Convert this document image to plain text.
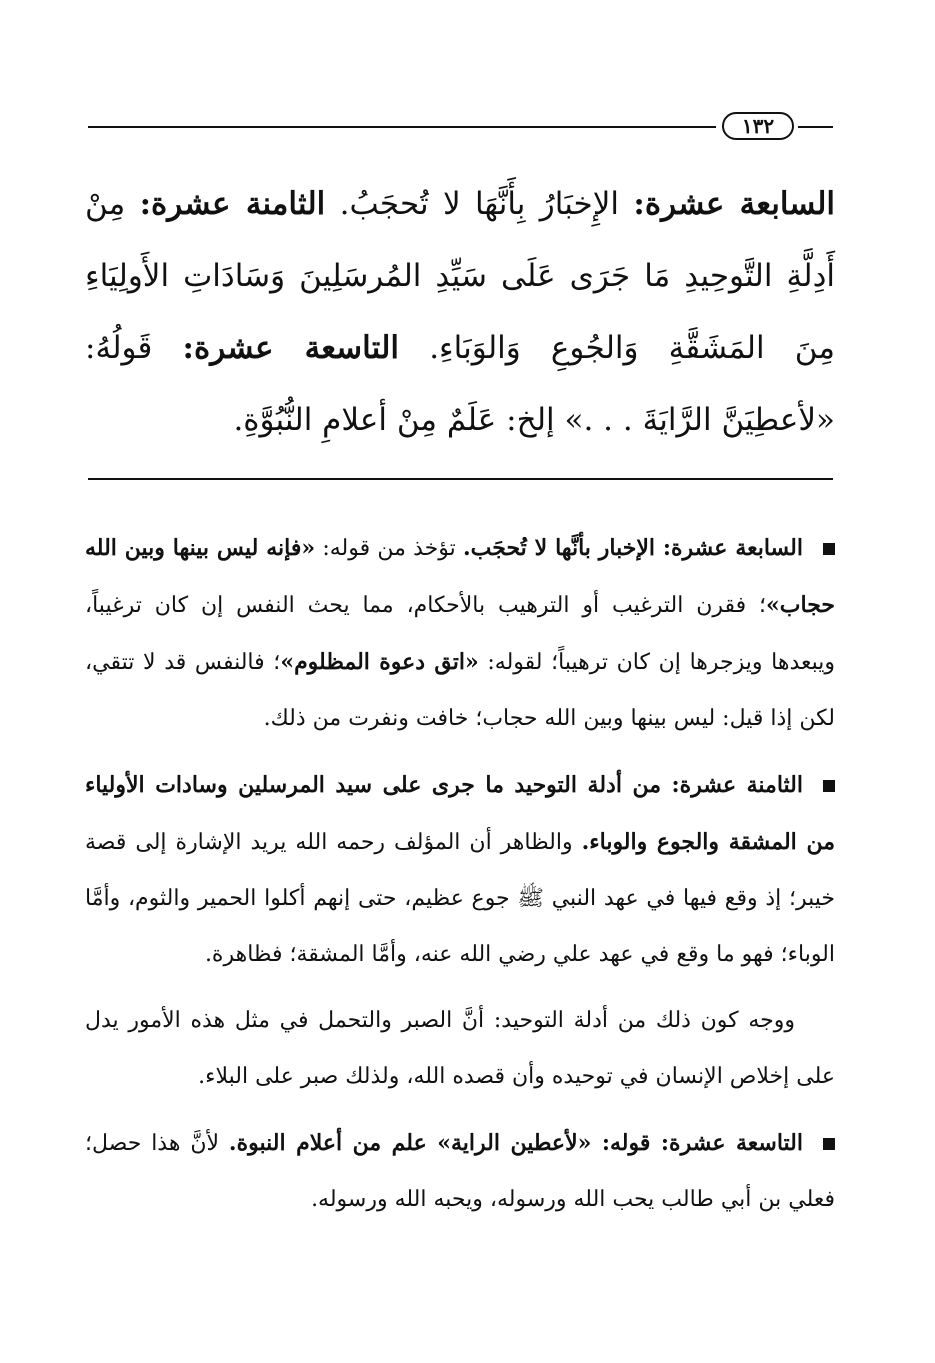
١٣٢

السابعة عشرة: الإِخبَارُ بِأَنَّهَا لا تُحجَبُ. الثامنة عشرة: مِنْ أَدِلَّةِ التَّوحِيدِ مَا جَرَى عَلَى سَيِّدِ المُرسَلِينَ وَسَادَاتِ الأَولِيَاءِ مِنَ المَشَقَّةِ وَالجُوعِ وَالوَبَاءِ. التاسعة عشرة: قَولُهُ: «لأعطِيَنَّ الرَّايَةَ . . .» إلخ: عَلَمٌ مِنْ أعلامِ النُّبُوَّةِ.

السابعة عشرة: الإخبار بأنَّها لا تُحجَب. تؤخذ من قوله: «فإنه ليس بينها وبين الله حجاب»؛ فقرن الترغيب أو الترهيب بالأحكام، مما يحث النفس إن كان ترغيباً، ويبعدها ويزجرها إن كان ترهيباً؛ لقوله: «اتق دعوة المظلوم»؛ فالنفس قد لا تتقي، لكن إذا قيل: ليس بينها وبين الله حجاب؛ خافت ونفرت من ذلك.

الثامنة عشرة: من أدلة التوحيد ما جرى على سيد المرسلين وسادات الأولياء من المشقة والجوع والوباء. والظاهر أن المؤلف رحمه الله يريد الإشارة إلى قصة خيبر؛ إذ وقع فيها في عهد النبي ﷺ جوع عظيم، حتى إنهم أكلوا الحمير والثوم، وأمَّا الوباء؛ فهو ما وقع في عهد علي رضي الله عنه، وأمَّا المشقة؛ فظاهرة.

ووجه كون ذلك من أدلة التوحيد: أنَّ الصبر والتحمل في مثل هذه الأمور يدل على إخلاص الإنسان في توحيده وأن قصده الله، ولذلك صبر على البلاء.

التاسعة عشرة: قوله: «لأعطين الراية» علم من أعلام النبوة. لأنَّ هذا حصل؛ فعلي بن أبي طالب يحب الله ورسوله، ويحبه الله ورسوله.
